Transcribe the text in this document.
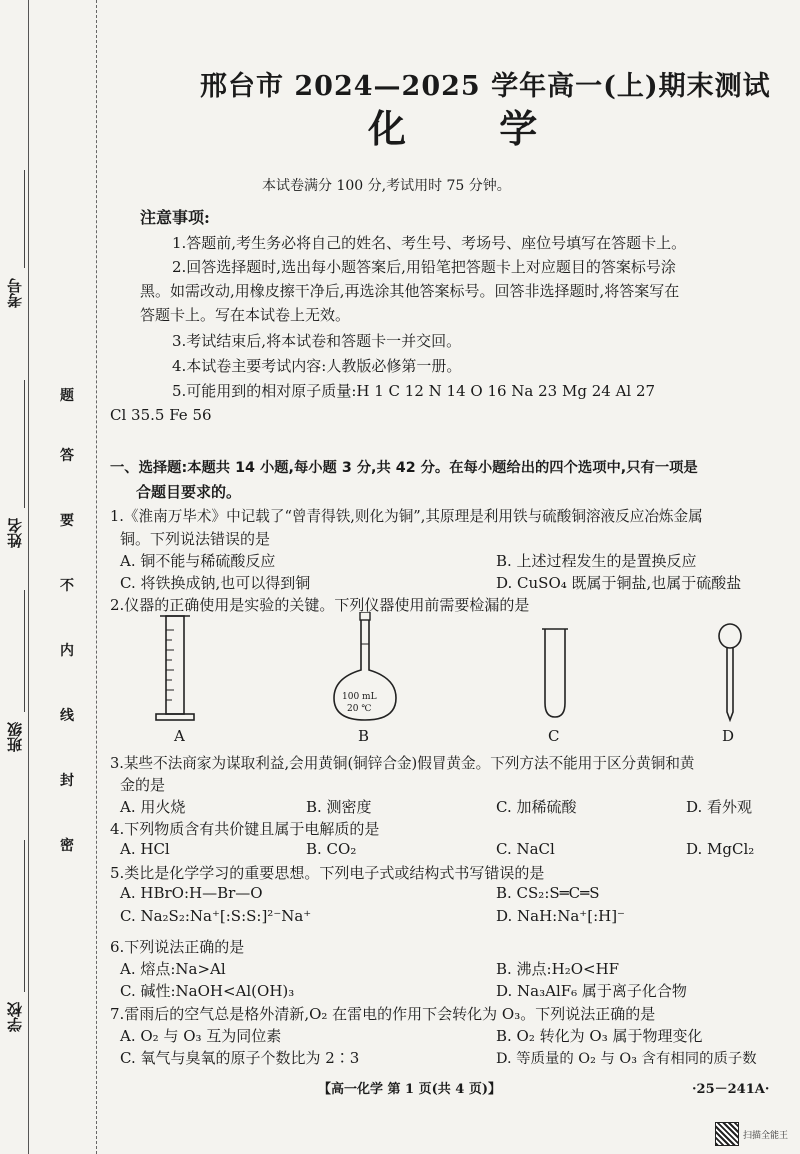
考号
姓名
班级
学校
题
答
要
不
内
线
封
密
邢台市 2024—2025 学年高一(上)期末测试
化 学
本试卷满分 100 分,考试用时 75 分钟。
注意事项:
1.答题前,考生务必将自己的姓名、考生号、考场号、座位号填写在答题卡上。
2.回答选择题时,选出每小题答案后,用铅笔把答题卡上对应题目的答案标号涂
黑。如需改动,用橡皮擦干净后,再选涂其他答案标号。回答非选择题时,将答案写在
答题卡上。写在本试卷上无效。
3.考试结束后,将本试卷和答题卡一并交回。
4.本试卷主要考试内容:人教版必修第一册。
5.可能用到的相对原子质量:H 1 C 12 N 14 O 16 Na 23 Mg 24 Al 27
Cl 35.5 Fe 56
一、选择题:本题共 14 小题,每小题 3 分,共 42 分。在每小题给出的四个选项中,只有一项是
合题目要求的。
1.《淮南万毕术》中记载了“曾青得铁,则化为铜”,其原理是利用铁与硫酸铜溶液反应冶炼金属
铜。下列说法错误的是
A. 铜不能与稀硫酸反应	B. 上述过程发生的是置换反应
C. 将铁换成钠,也可以得到铜	D. CuSO₄ 既属于铜盐,也属于硫酸盐
2.仪器的正确使用是实验的关键。下列仪器使用前需要检漏的是
A
100 mL
20 ℃
B	C	D
3.某些不法商家为谋取利益,会用黄铜(铜锌合金)假冒黄金。下列方法不能用于区分黄铜和黄
金的是
A. 用火烧	B. 测密度	C. 加稀硫酸	D. 看外观
4.下列物质含有共价键且属于电解质的是
A. HCl	B. CO₂	C. NaCl	D. MgCl₂
5.类比是化学学习的重要思想。下列电子式或结构式书写错误的是
A. HBrO:H—Br—O	B. CS₂:S═C═S
C. Na₂S₂:Na⁺[:S:S:]²⁻Na⁺	D. NaH:Na⁺[:H]⁻
6.下列说法正确的是
A. 熔点:Na>Al	B. 沸点:H₂O<HF
C. 碱性:NaOH<Al(OH)₃	D. Na₃AlF₆ 属于离子化合物
7.雷雨后的空气总是格外清新,O₂ 在雷电的作用下会转化为 O₃。下列说法正确的是
A. O₂ 与 O₃ 互为同位素	B. O₂ 转化为 O₃ 属于物理变化
C. 氧气与臭氧的原子个数比为 2∶3	D. 等质量的 O₂ 与 O₃ 含有相同的质子数
【高一化学 第 1 页(共 4 页)】	·25－241A·
扫描全能王
